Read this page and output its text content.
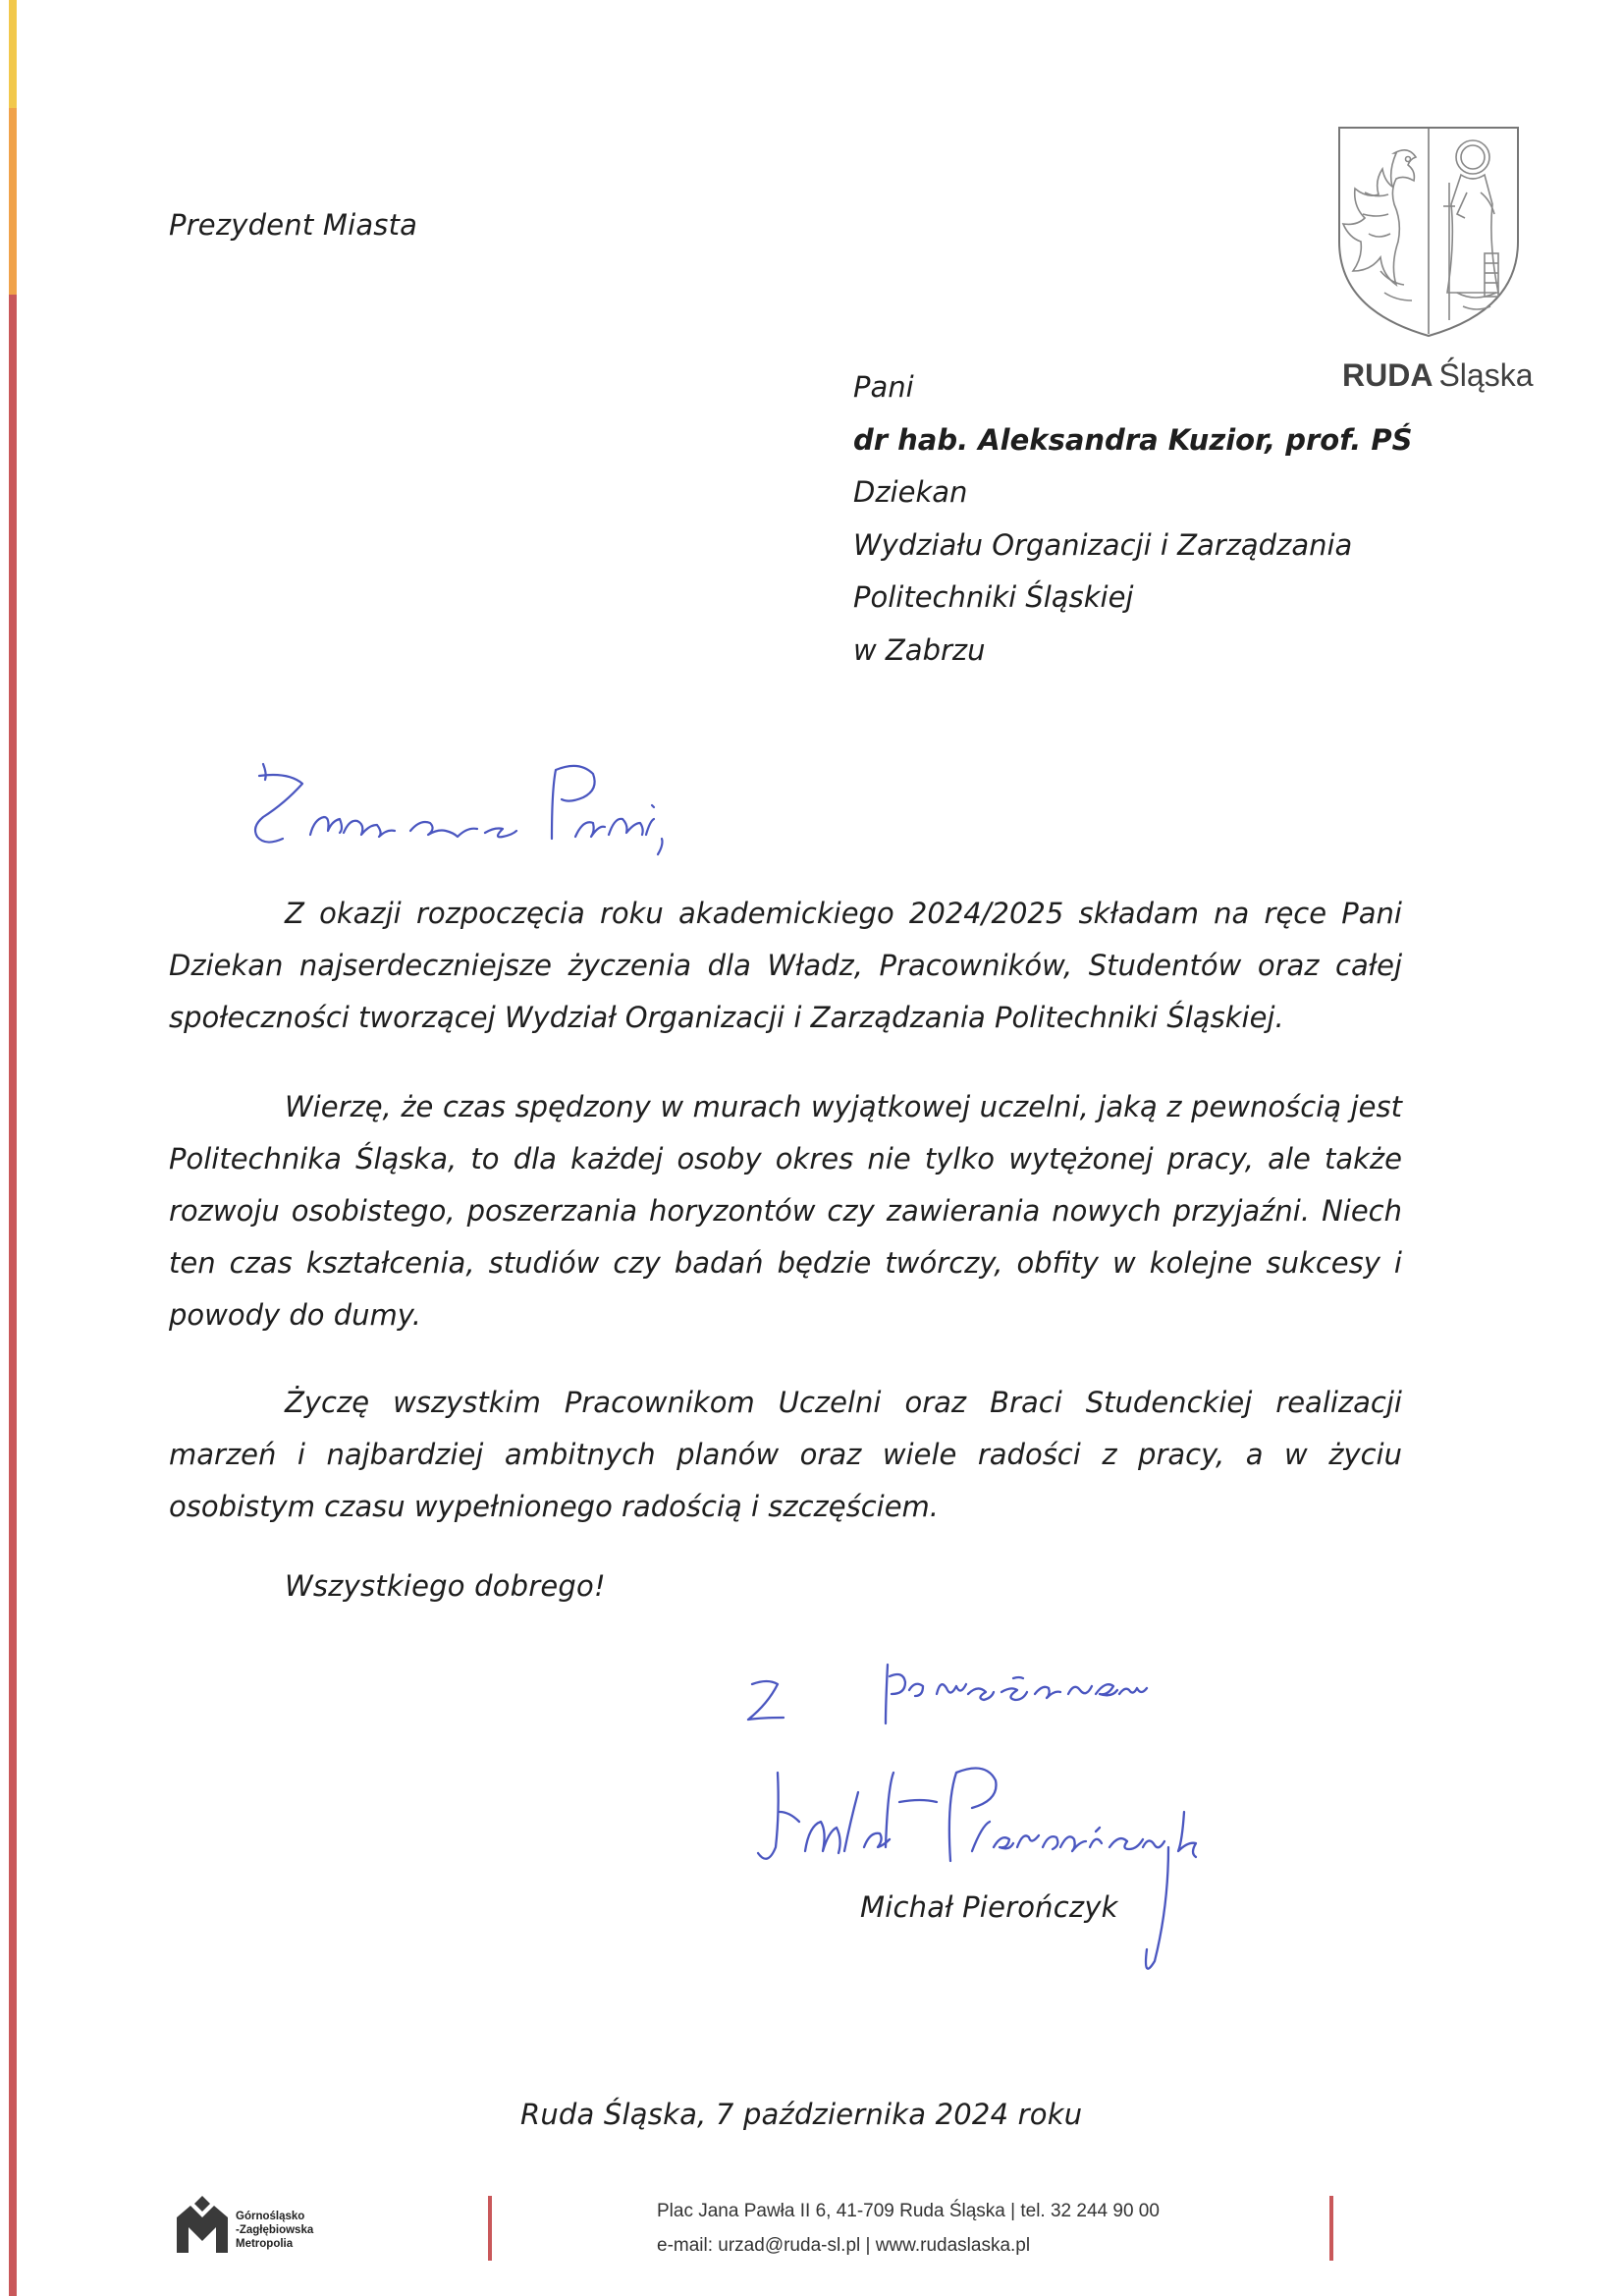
Prezydent Miasta
RUDA Śląska
Pani
dr hab. Aleksandra Kuzior, prof. PŚ
Dziekan
Wydziału Organizacji i Zarządzania
Politechniki Śląskiej
w Zabrzu

Z okazji rozpoczęcia roku akademickiego 2024/2025 składam na ręce Pani Dziekan najserdeczniejsze życzenia dla Władz, Pracowników, Studentów oraz całej społeczności tworzącej Wydział Organizacji i Zarządzania Politechniki Śląskiej.

Wierzę, że czas spędzony w murach wyjątkowej uczelni, jaką z pewnością jest Politechnika Śląska, to dla każdej osoby okres nie tylko wytężonej pracy, ale także rozwoju osobistego, poszerzania horyzontów czy zawierania nowych przyjaźni. Niech ten czas kształcenia, studiów czy badań będzie twórczy, obfity w kolejne sukcesy i powody do dumy.

Życzę wszystkim Pracownikom Uczelni oraz Braci Studenckiej realizacji marzeń i najbardziej ambitnych planów oraz wiele radości z pracy, a w życiu osobistym czasu wypełnionego radością i szczęściem.

Wszystkiego dobrego!
Michał Pierończyk
Ruda Śląska, 7 października 2024 roku
Górnośląsko
-Zagłębiowska
Metropolia
Plac Jana Pawła II 6, 41-709 Ruda Śląska | tel. 32 244 90 00
e-mail: urzad@ruda-sl.pl | www.rudaslaska.pl
